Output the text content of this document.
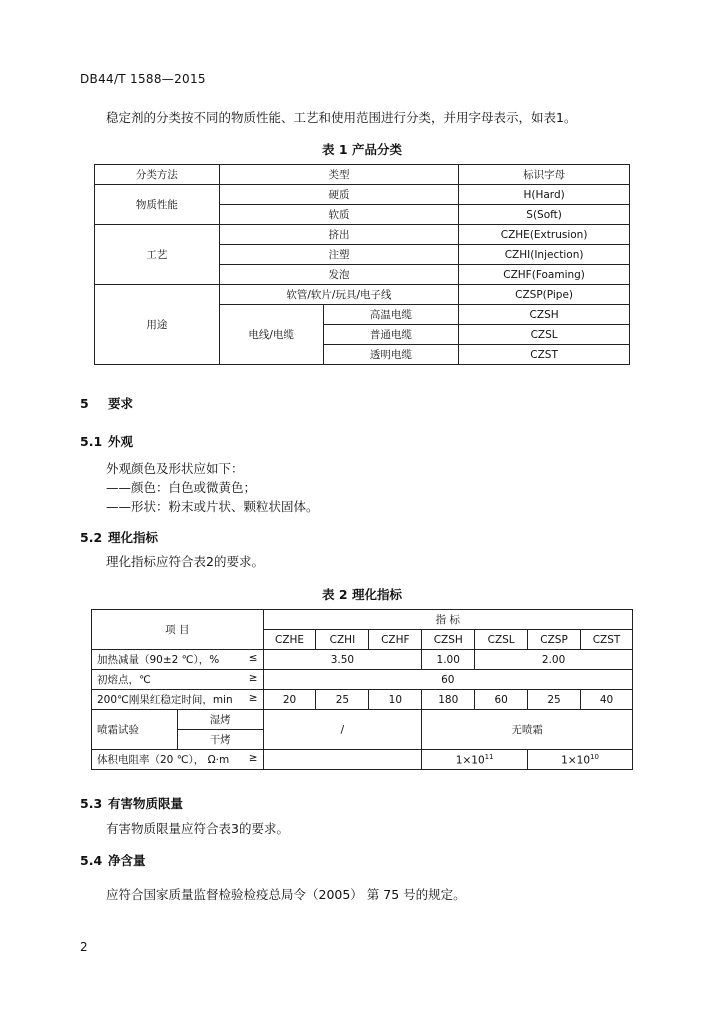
DB44/T 1588—2015
稳定剂的分类按不同的物质性能、工艺和使用范围进行分类，并用字母表示，如表1。
表 1 产品分类
分类方法	类型		标识字母
物质性能	硬质		H(Hard)
	软质		S(Soft)
工艺	挤出		CZHE(Extrusion)
	注塑		CZHI(Injection)
	发泡		CZHF(Foaming)
用途	软管/软片/玩具/电子线		CZSP(Pipe)
	电线/电缆	高温电缆	CZSH
		普通电缆	CZSL
		透明电缆	CZST
5 要求
5.1 外观
外观颜色及形状应如下：
——颜色：白色或微黄色；
——形状：粉末或片状、颗粒状固体。
5.2 理化指标
理化指标应符合表2的要求。
表 2 理化指标
项 目		指 标						
		CZHE	CZHI	CZHF	CZSH	CZSL	CZSP	CZST

加热减量（90±2 ℃），% ≤		3.50			1.00	2.00		

初熔点，℃ ≥		60						

200℃刚果红稳定时间，min ≥		20	25	10	180	60	25	40
喷霜试验	湿烤	/			无喷霜			
	干烤							

体积电阻率（20 ℃）， Ω·m ≥					$1\times 10^{11}$		$1\times 10^{10}$
5.3 有害物质限量
有害物质限量应符合表3的要求。
5.4 净含量
应符合国家质量监督检验检疫总局令（2005） 第 75 号的规定。
2
